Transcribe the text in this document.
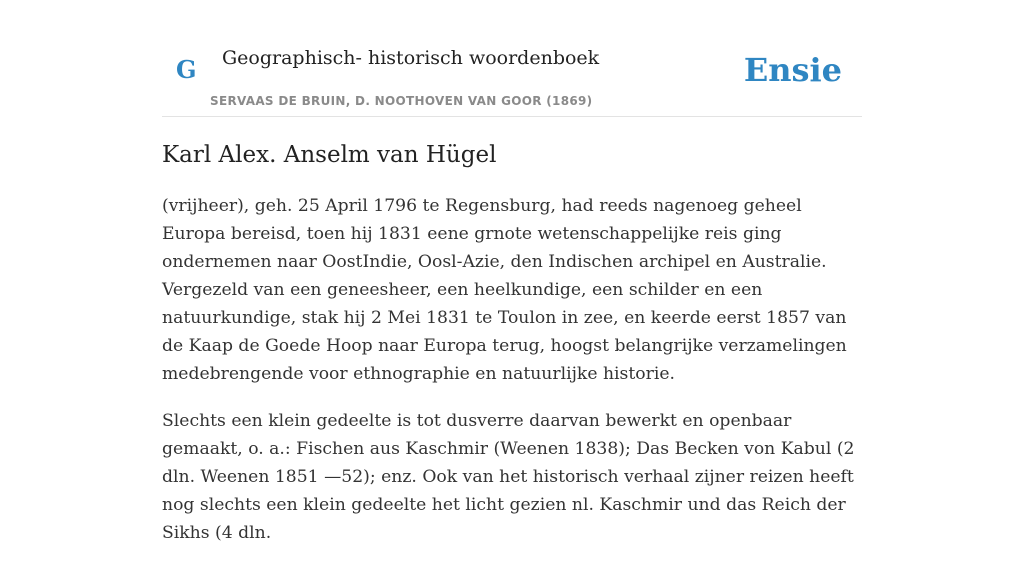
G Geographisch- historisch woordenboek
SERVAAS DE BRUIN, D. NOOTHOVEN VAN GOOR (1869)
Ensie
Karl Alex. Anselm van Hügel

(vrijheer), geh. 25 April 1796 te Regensburg, had reeds nagenoeg geheel Europa bereisd, toen hij 1831 eene grnote wetenschappelijke reis ging ondernemen naar OostIndie, Oosl-Azie, den Indischen archipel en Australie. Vergezeld van een geneesheer, een heelkundige, een schilder en een natuurkundige, stak hij 2 Mei 1831 te Toulon in zee, en keerde eerst 1857 van de Kaap de Goede Hoop naar Europa terug, hoogst belangrijke verzamelingen medebrengende voor ethnographie en natuurlijke historie.

Slechts een klein gedeelte is tot dusverre daarvan bewerkt en openbaar gemaakt, o. a.: Fischen aus Kaschmir (Weenen 1838); Das Becken von Kabul (2 dln. Weenen 1851 —52); enz. Ook van het historisch verhaal zijner reizen heeft nog slechts een klein gedeelte het licht gezien nl. Kaschmir und das Reich der Sikhs (4 dln.
